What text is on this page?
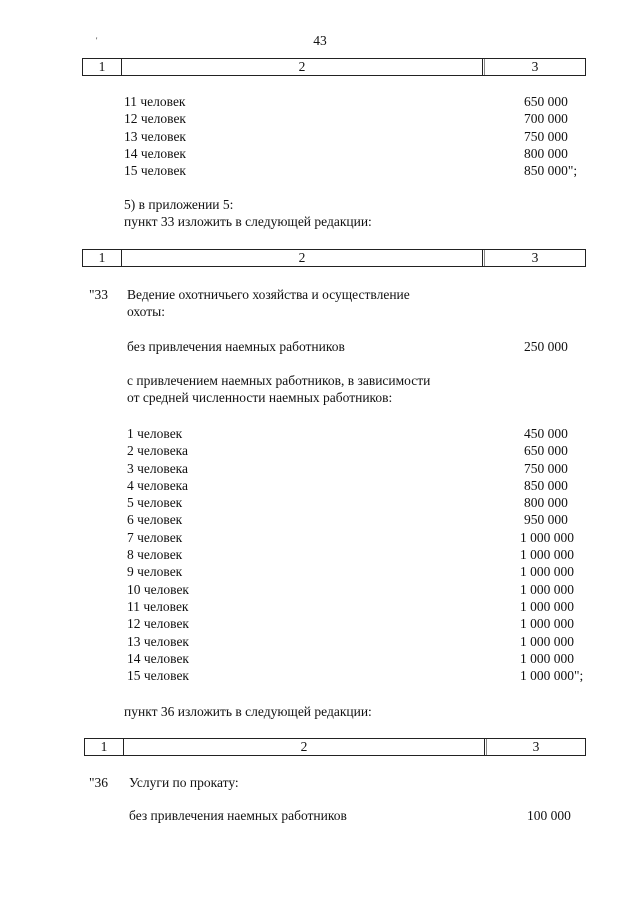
'	43
1	2	3
11 человек	650 000
12 человек	700 000
13 человек	750 000
14 человек	800 000
15 человек	850 000";
5) в приложении 5:
пункт 33 изложить в следующей редакции:
1	2	3
"33 Ведение охотничьего хозяйства и осуществление
охоты:
без привлечения наемных работников	250 000
с привлечением наемных работников, в зависимости
от средней численности наемных работников:
1 человек	450 000
2 человека	650 000
3 человека	750 000
4 человека	850 000
5 человек	800 000
6 человек	950 000
7 человек	1 000 000
8 человек	1 000 000
9 человек	1 000 000
10 человек	1 000 000
11 человек	1 000 000
12 человек	1 000 000
13 человек	1 000 000
14 человек	1 000 000
15 человек	1 000 000";
пункт 36 изложить в следующей редакции:
1	2	3
"36 Услуги по прокату:
без привлечения наемных работников	100 000
